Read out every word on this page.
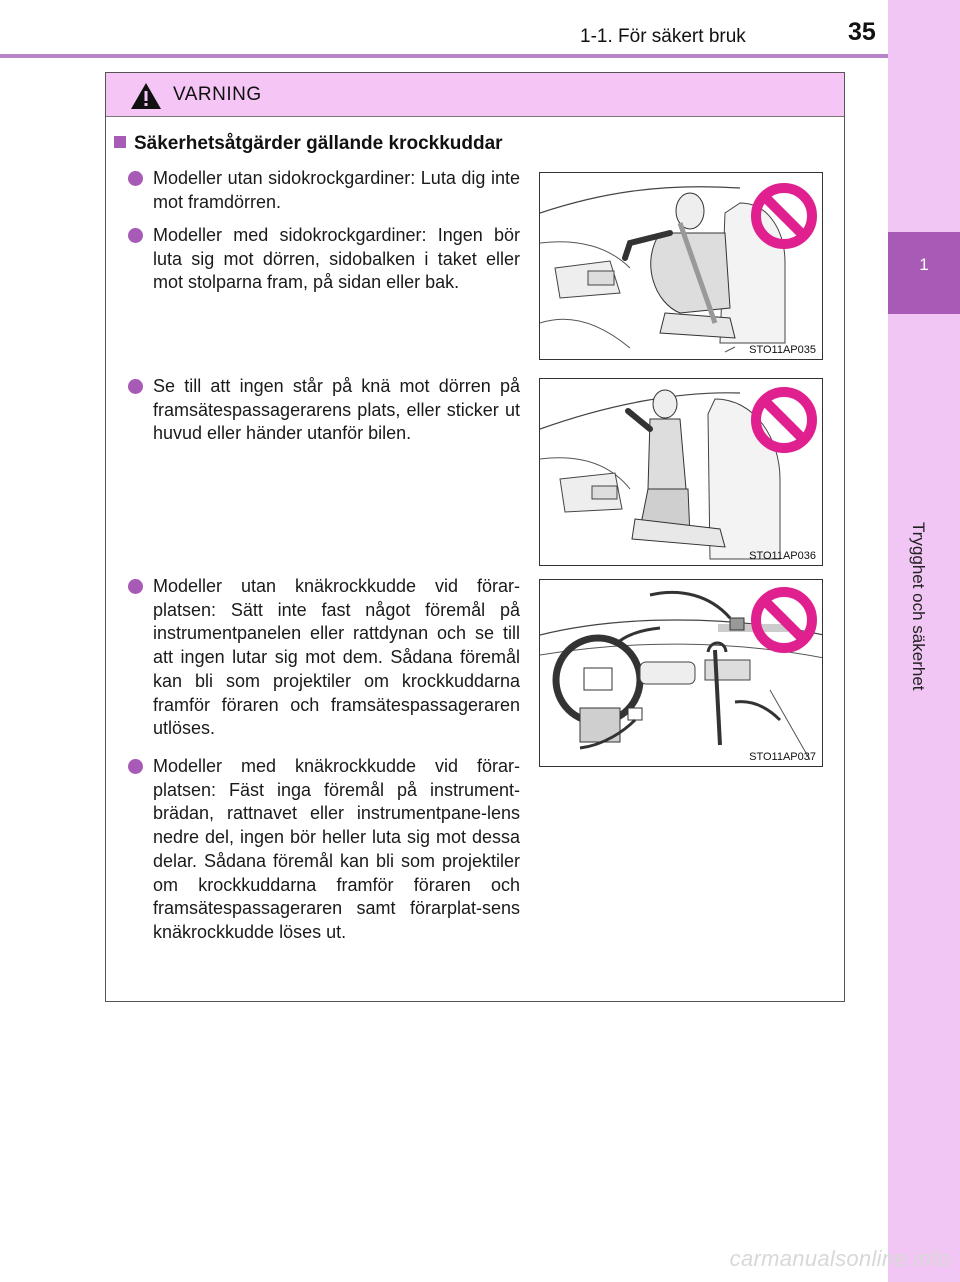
1-1. För säkert bruk	35
1
Trygghet och säkerhet
carmanualsonline.info
VARNING
Säkerhetsåtgärder gällande krockkuddar
Modeller utan sidokrockgardiner: Luta dig inte mot framdörren.
Modeller med sidokrockgardiner: Ingen bör luta sig mot dörren, sidobalken i taket eller mot stolparna fram, på sidan eller bak.
Se till att ingen står på knä mot dörren på framsätespassagerarens plats, eller sticker ut huvud eller händer utanför bilen.
Modeller utan knäkrockkudde vid förar-platsen: Sätt inte fast något föremål på instrumentpanelen eller rattdynan och se till att ingen lutar sig mot dem. Sådana föremål kan bli som projektiler om krockkuddarna framför föraren och framsätespassageraren utlöses.
Modeller med knäkrockkudde vid förar-platsen: Fäst inga föremål på instrument-brädan, rattnavet eller instrumentpane-lens nedre del, ingen bör heller luta sig mot dessa delar. Sådana föremål kan bli som projektiler om krockkuddarna framför föraren och framsätespassageraren samt förarplat-sens knäkrockkudde löses ut.
STO11AP035
STO11AP036
STO11AP037
